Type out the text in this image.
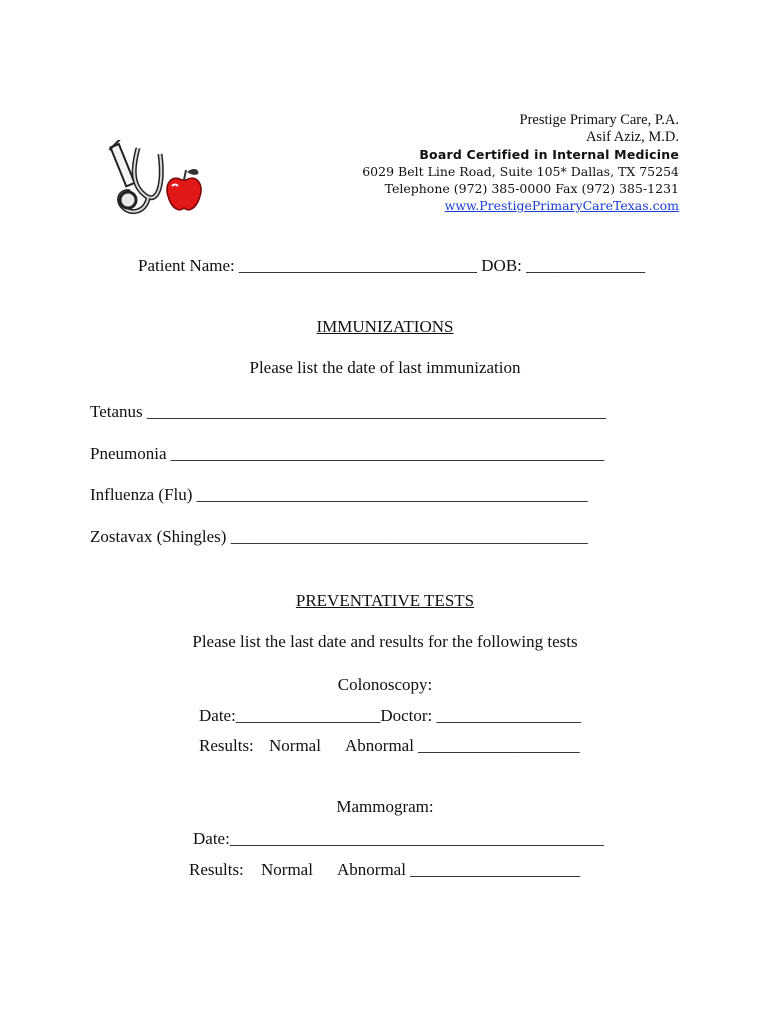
Prestige Primary Care, P.A.
Asif Aziz, M.D.
Board Certified in Internal Medicine
6029 Belt Line Road, Suite 105* Dallas, TX 75254
Telephone (972) 385-0000 Fax (972) 385-1231
www.PrestigePrimaryCareTexas.com
Patient Name: ____________________________ DOB: ______________
IMMUNIZATIONS
Please list the date of last immunization
Tetanus ______________________________________________________
Pneumonia ___________________________________________________
Influenza (Flu) ______________________________________________
Zostavax (Shingles) __________________________________________
PREVENTATIVE TESTS
Please list the last date and results for the following tests
Colonoscopy:
Date:_________________Doctor: _________________
Results: Normal Abnormal ___________________
Mammogram:
Date:____________________________________________
Results: Normal Abnormal ____________________
